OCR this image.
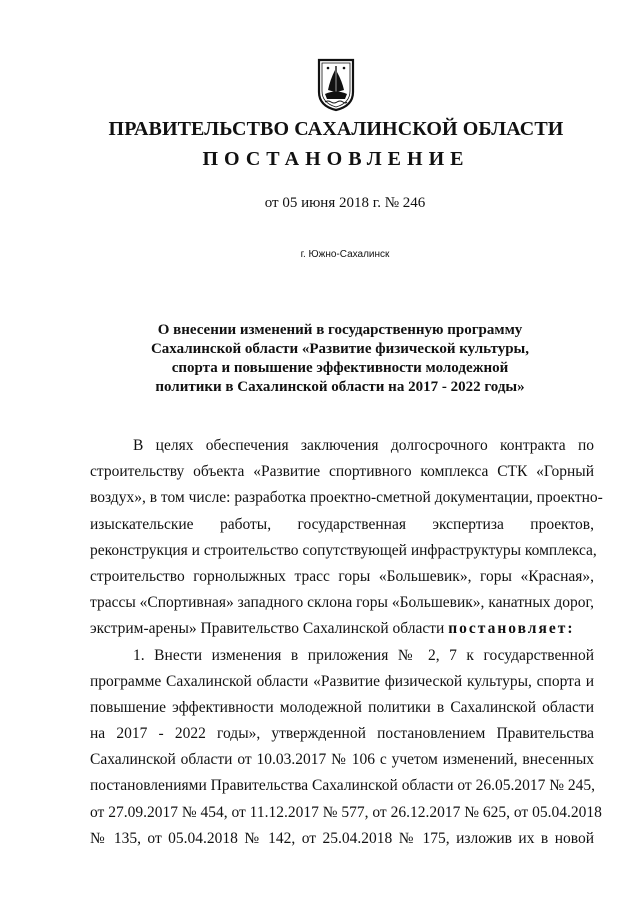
ПРАВИТЕЛЬСТВО САХАЛИНСКОЙ ОБЛАСТИ
ПОСТАНОВЛЕНИЕ
от 05 июня 2018 г. № 246
г. Южно-Сахалинск
О внесении изменений в государственную программу
Сахалинской области «Развитие физической культуры,
спорта и повышение эффективности молодежной
политики в Сахалинской области на 2017 - 2022 годы»
В целях обеспечения заключения долгосрочного контракта по
строительству объекта «Развитие спортивного комплекса СТК «Горный
воздух», в том числе: разработка проектно-сметной документации, проектно-
изыскательские работы, государственная экспертиза проектов,
реконструкция и строительство сопутствующей инфраструктуры комплекса,
строительство горнолыжных трасс горы «Большевик», горы «Красная»,
трассы «Спортивная» западного склона горы «Большевик», канатных дорог,
экстрим-арены» Правительство Сахалинской области постановляет:
1. Внести изменения в приложения № 2, 7 к государственной
программе Сахалинской области «Развитие физической культуры, спорта и
повышение эффективности молодежной политики в Сахалинской области
на 2017 - 2022 годы», утвержденной постановлением Правительства
Сахалинской области от 10.03.2017 № 106 с учетом изменений, внесенных
постановлениями Правительства Сахалинской области от 26.05.2017 № 245,
от 27.09.2017 № 454, от 11.12.2017 № 577, от 26.12.2017 № 625, от 05.04.2018
№ 135, от 05.04.2018 № 142, от 25.04.2018 № 175, изложив их в новой
